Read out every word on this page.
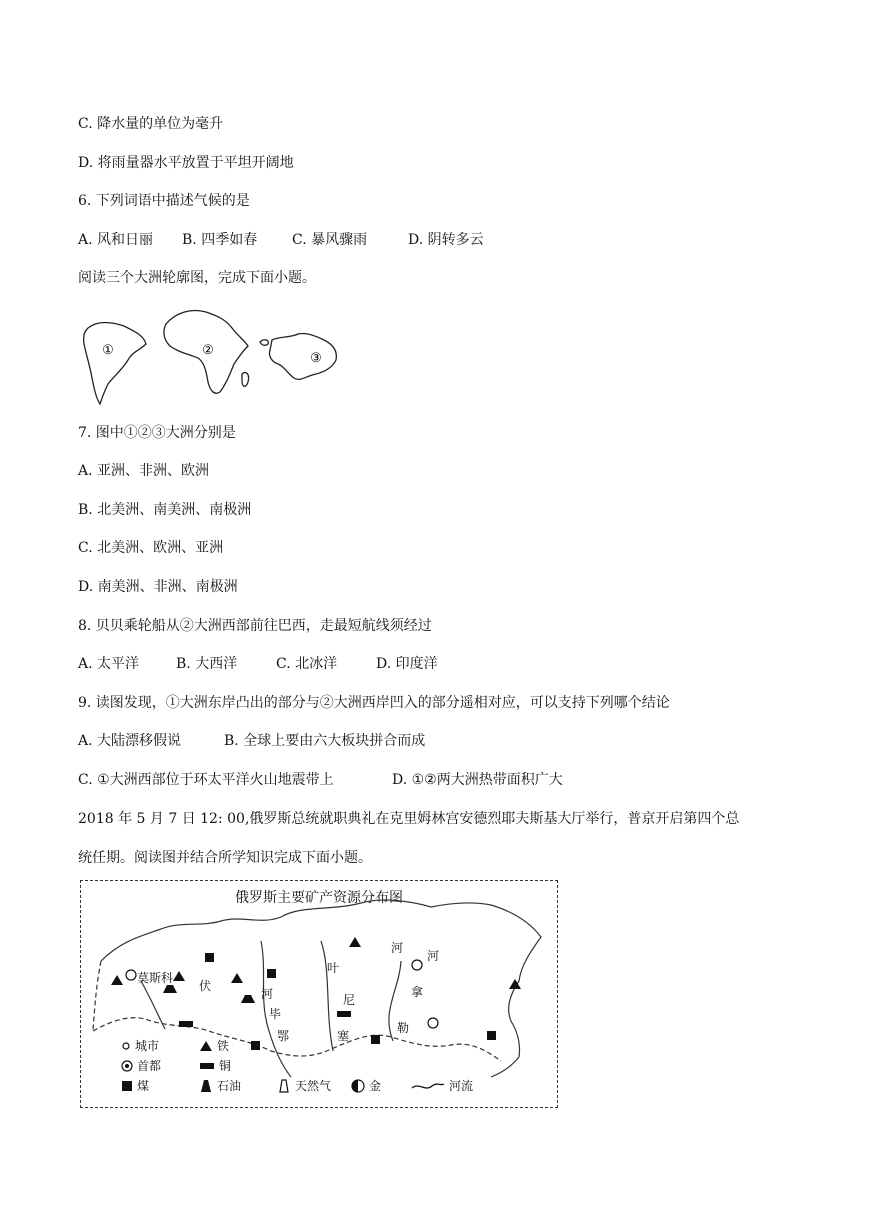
C. 降水量的单位为毫升
D. 将雨量器水平放置于平坦开阔地
6. 下列词语中描述气候的是
A. 风和日丽 B. 四季如春 C. 暴风骤雨	D. 阴转多云
阅读三个大洲轮廓图，完成下面小题。
①	②
③
7. 图中①②③大洲分别是
A. 亚洲、非洲、欧洲
B. 北美洲、南美洲、南极洲
C. 北美洲、欧洲、亚洲
D. 南美洲、非洲、南极洲
8. 贝贝乘轮船从②大洲西部前往巴西，走最短航线须经过
A. 太平洋	B. 大西洋	C. 北冰洋	D. 印度洋
9. 读图发现，①大洲东岸凸出的部分与②大洲西岸凹入的部分遥相对应，可以支持下列哪个结论
A. 大陆漂移假说	B. 全球上要由六大板块拼合而成
C. ①大洲西部位于环太平洋火山地震带上	D. ①②两大洲热带面积广大
2018 年 5 月 7 日 12: 00,俄罗斯总统就职典礼在克里姆林宫安德烈耶夫斯基大厅举行，普京开启第四个总
统任期。阅读图并结合所学知识完成下面小题。
俄罗斯主要矿产资源分布图
莫斯科
伏
河
鄂
毕
叶
尼
塞
河
勒
拿
河
城市	铁
首都	铜
煤	石油	天然气	金	河流
